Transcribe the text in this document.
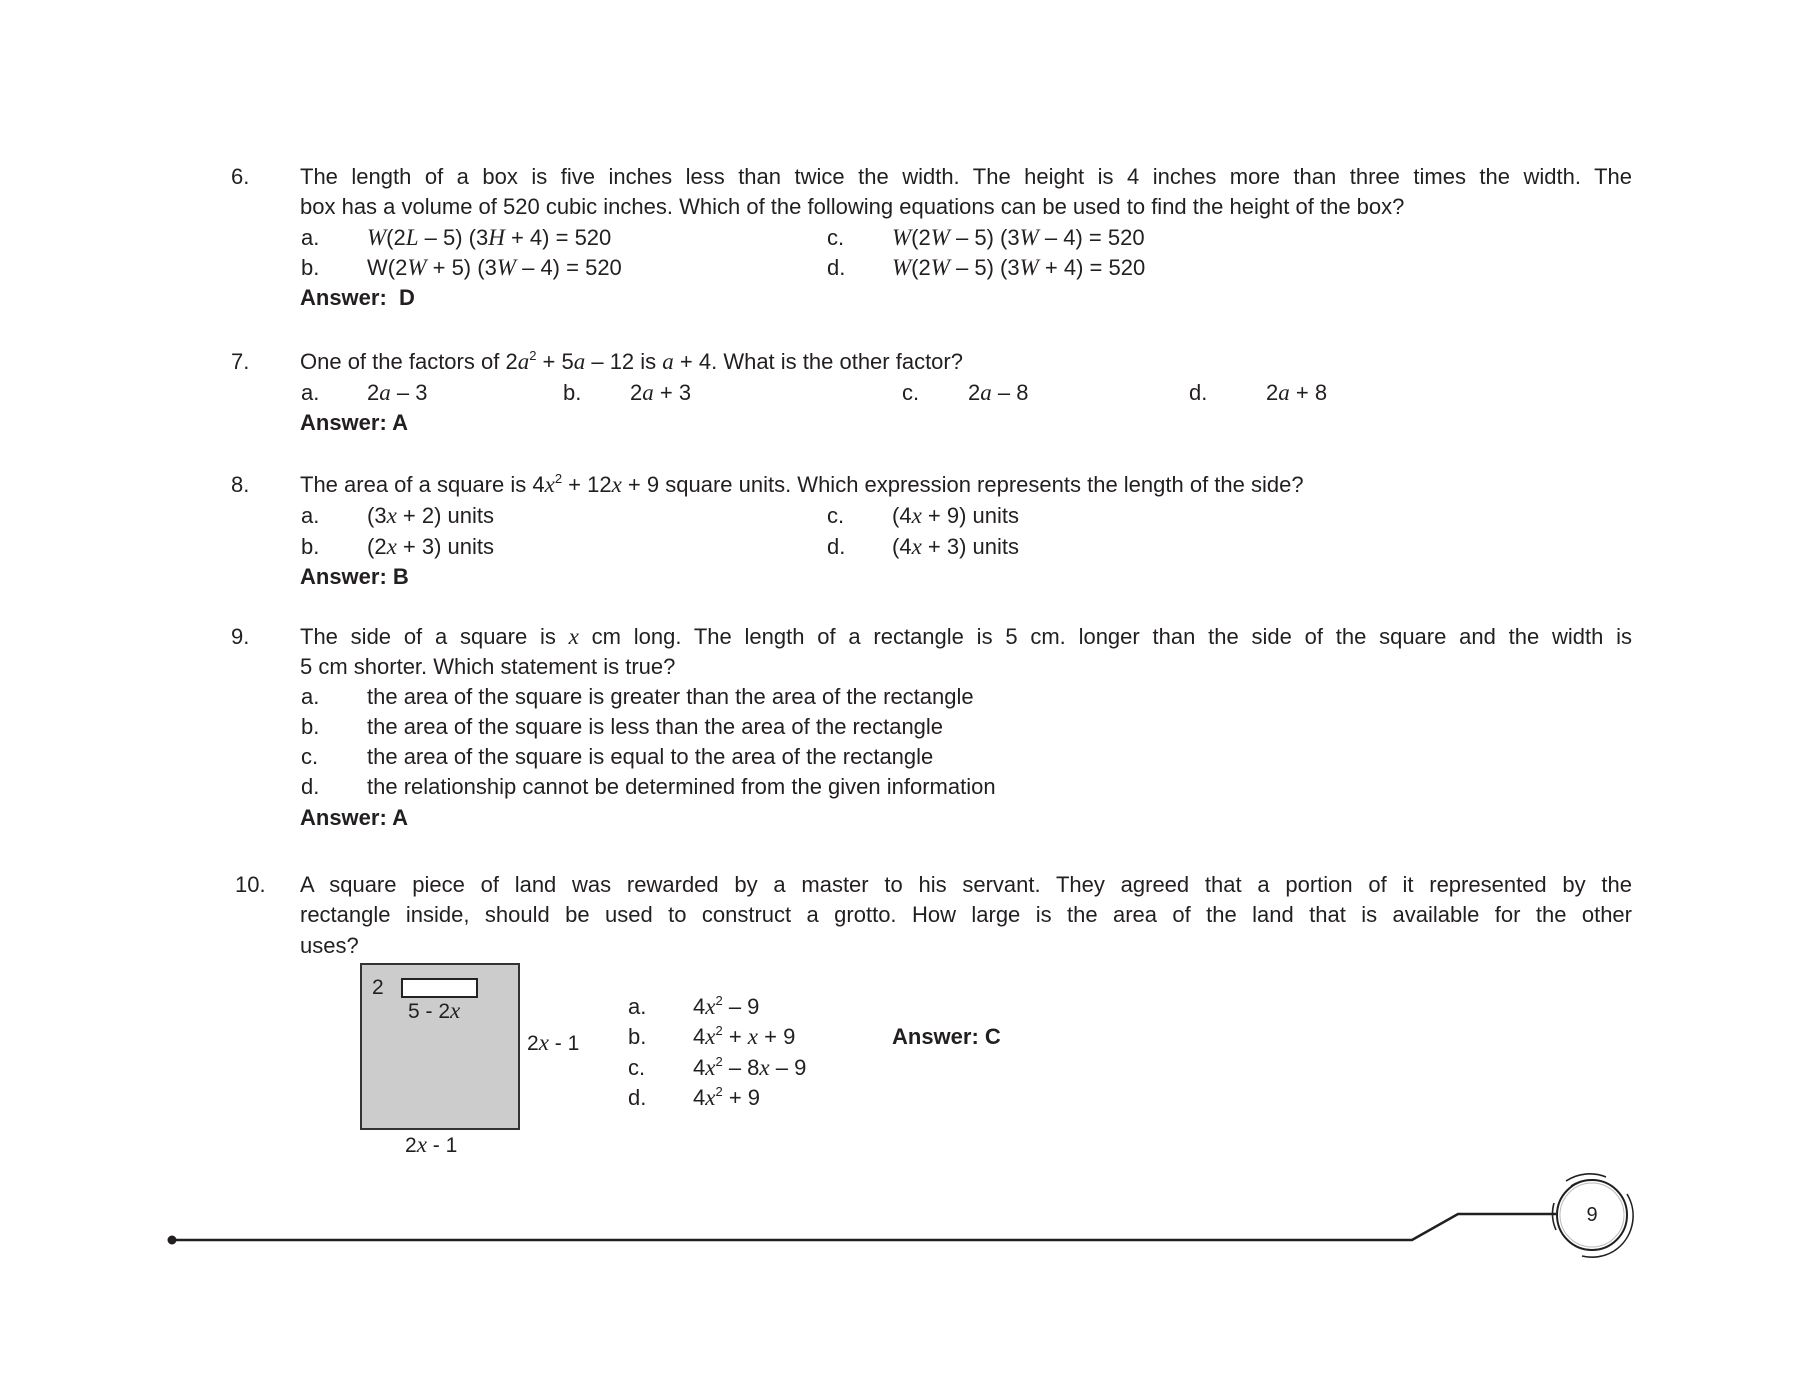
6. The length of a box is five inches less than twice the width. The height is 4 inches more than three times the width. The
box has a volume of 520 cubic inches. Which of the following equations can be used to find the height of the box?
a. W(2L – 5) (3H + 4) = 520	c. W(2W – 5) (3W – 4) = 520
b. W(2W + 5) (3W – 4) = 520	d. W(2W – 5) (3W + 4) = 520
Answer:  D
7. One of the factors of $2a^2 + 5a - 12$ is a + 4. What is the other factor?
a. 2a – 3	b. 2a + 3	c. 2a – 8	d.	2a + 8
Answer: A
8. The area of a square is $4x^2 + 12x + 9$ square units. Which expression represents the length of the side?
a. (3x + 2) units	c. (4x + 9) units
b. (2x + 3) units	d. (4x + 3) units
Answer: B
9. The side of a square is x cm long. The length of a rectangle is 5 cm. longer than the side of the square and the width is
5 cm shorter. Which statement is true?
a. the area of the square is greater than the area of the rectangle
b. the area of the square is less than the area of the rectangle
c. the area of the square is equal to the area of the rectangle
d. the relationship cannot be determined from the given information
Answer: A
10. A square piece of land was rewarded by a master to his servant. They agreed that a portion of it represented by the
rectangle inside, should be used to construct a grotto. How large is the area of the land that is available for the other
uses?
2
5 - 2x
2x - 1
2x - 1
a. $4x^2 - 9$
b. $4x^2 + x + 9$	Answer: C
c. $4x^2 - 8x - 9$
d. $4x^2 + 9$
9
